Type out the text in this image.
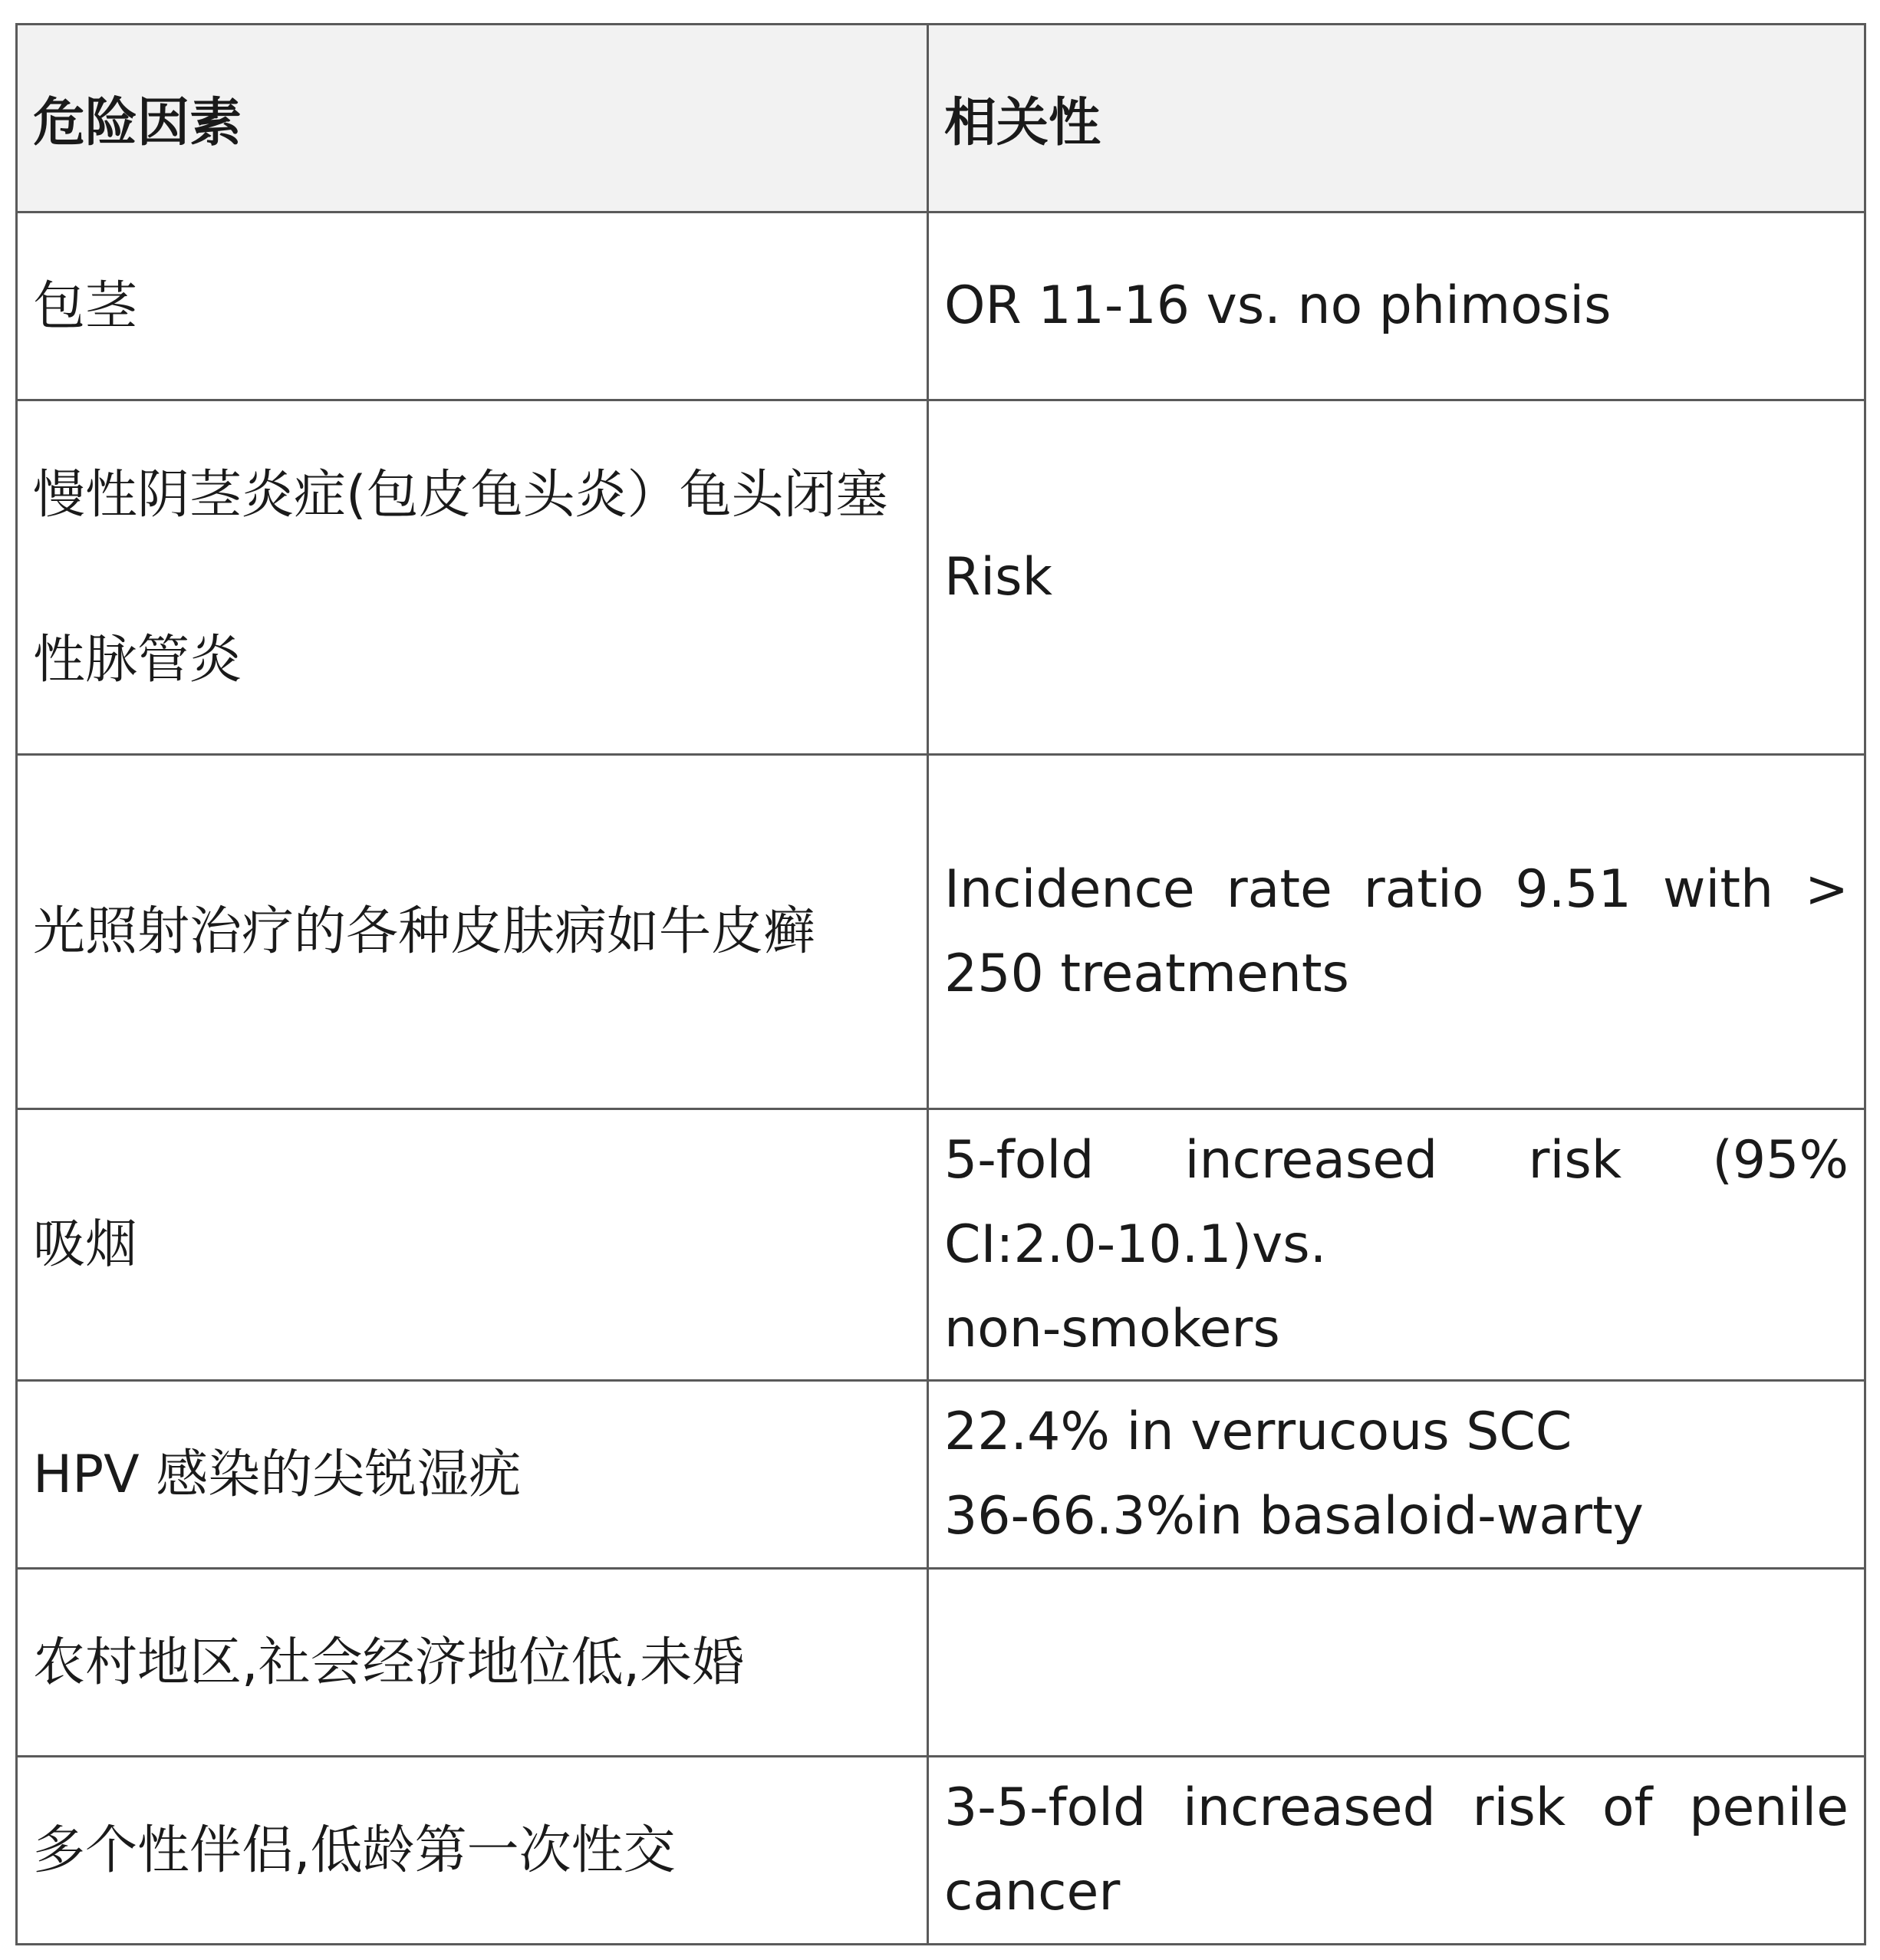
危险因素	相关性
包茎	OR 11-16 vs. no phimosis
慢性阴茎炎症(包皮龟头炎）龟头闭塞性脉管炎	Risk
光照射治疗的各种皮肤病如牛皮癣	Incidence rate ratio 9.51 with >
250 treatments

吸烟	5-fold increased risk (95%
CI:2.0-10.1)vs.
non-smokers

HPV 感染的尖锐湿疣	22.4% in verrucous SCC
36-66.3%in basaloid-warty

农村地区,社会经济地位低,未婚	
多个性伴侣,低龄第一次性交	3-5-fold increased risk of penile
cancer
